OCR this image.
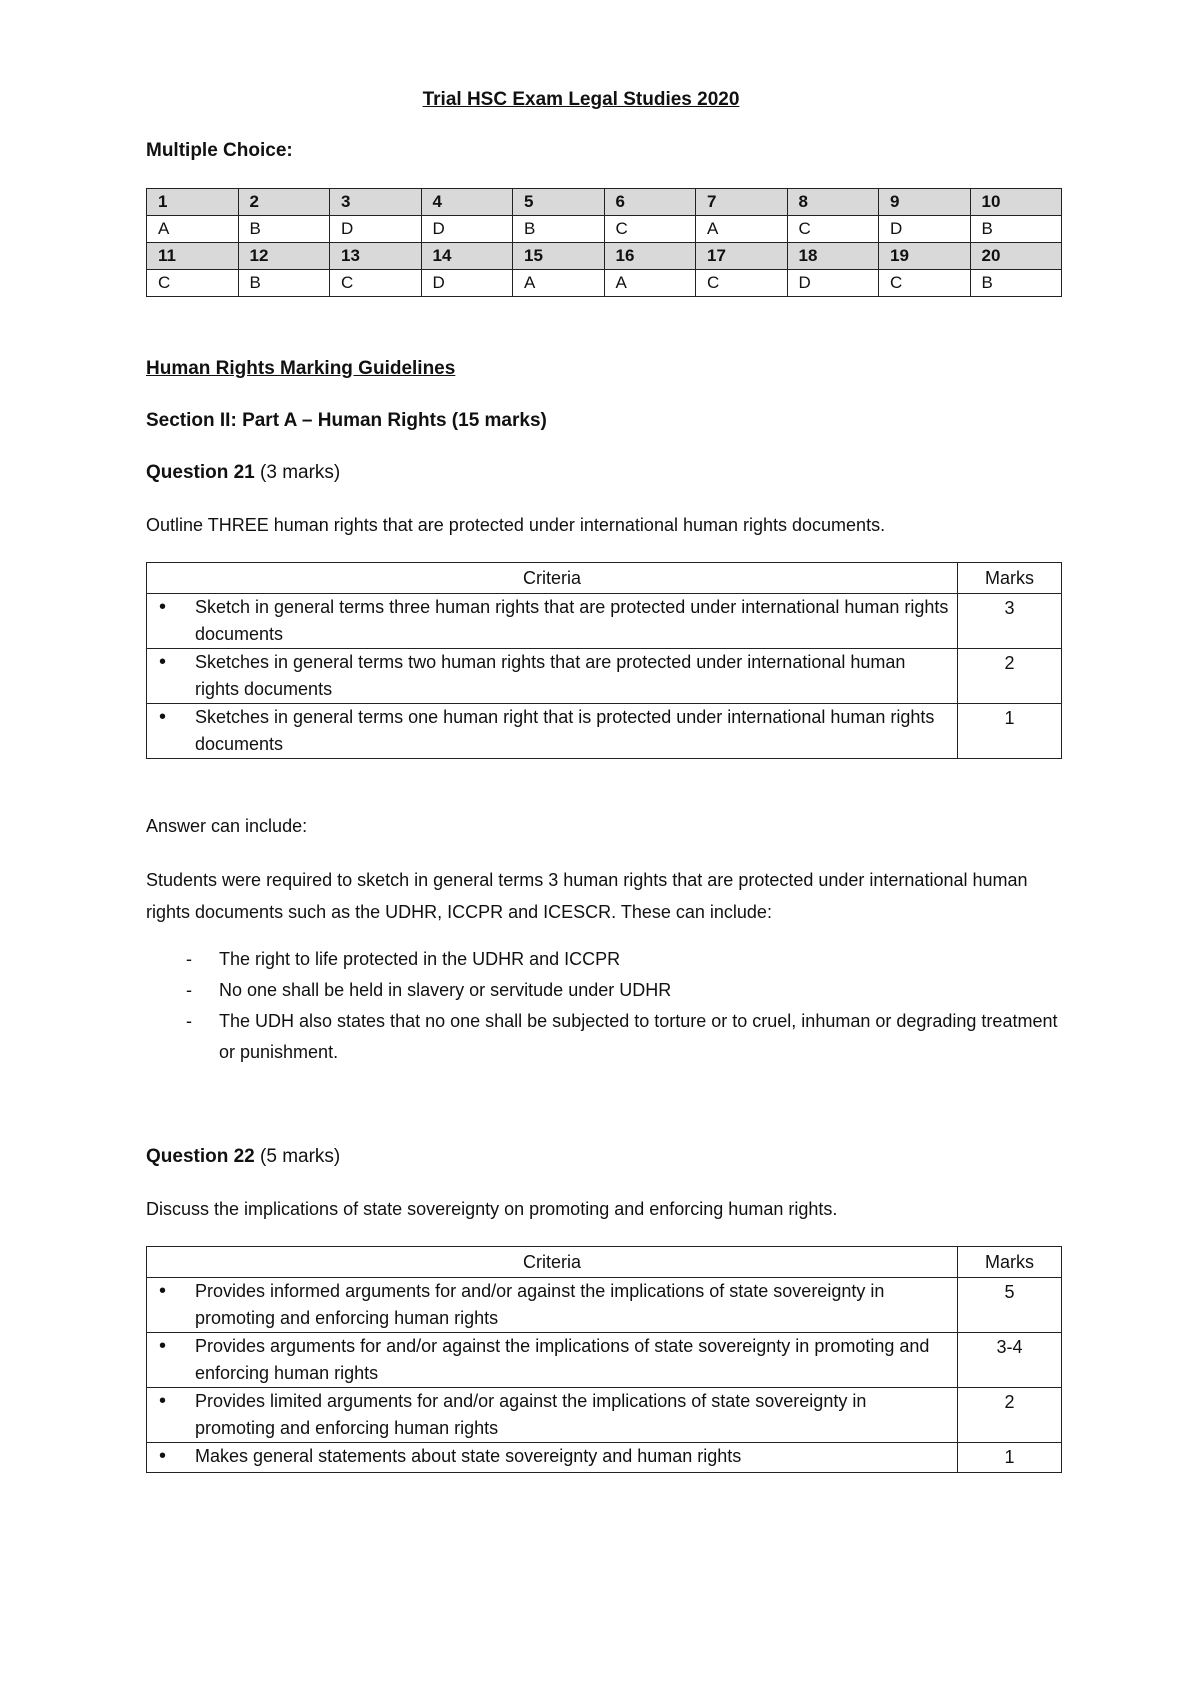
Trial HSC Exam Legal Studies 2020
Multiple Choice:
1	2	3	4	5	6	7	8	9	10
A	B	D	D	B	C	A	C	D	B
11	12	13	14	15	16	17	18	19	20
C	B	C	D	A	A	C	D	C	B
Human Rights Marking Guidelines
Section II: Part A – Human Rights (15 marks)
Question 21 (3 marks)
Outline THREE human rights that are protected under international human rights documents.
Criteria	Marks
• Sketch in general terms three human rights that are protected under international human rights documents	3
• Sketches in general terms two human rights that are protected under international human rights documents	2
• Sketches in general terms one human right that is protected under international human rights documents	1
Answer can include:
Students were required to sketch in general terms 3 human rights that are protected under international human rights documents such as the UDHR, ICCPR and ICESCR. These can include:
- The right to life protected in the UDHR and ICCPR
- No one shall be held in slavery or servitude under UDHR
- The UDH also states that no one shall be subjected to torture or to cruel, inhuman or degrading treatment or punishment.
Question 22 (5 marks)
Discuss the implications of state sovereignty on promoting and enforcing human rights.
Criteria	Marks
• Provides informed arguments for and/or against the implications of state sovereignty in promoting and enforcing human rights	5
• Provides arguments for and/or against the implications of state sovereignty in promoting and enforcing human rights	3-4
• Provides limited arguments for and/or against the implications of state sovereignty in promoting and enforcing human rights	2
• Makes general statements about state sovereignty and human rights	1
